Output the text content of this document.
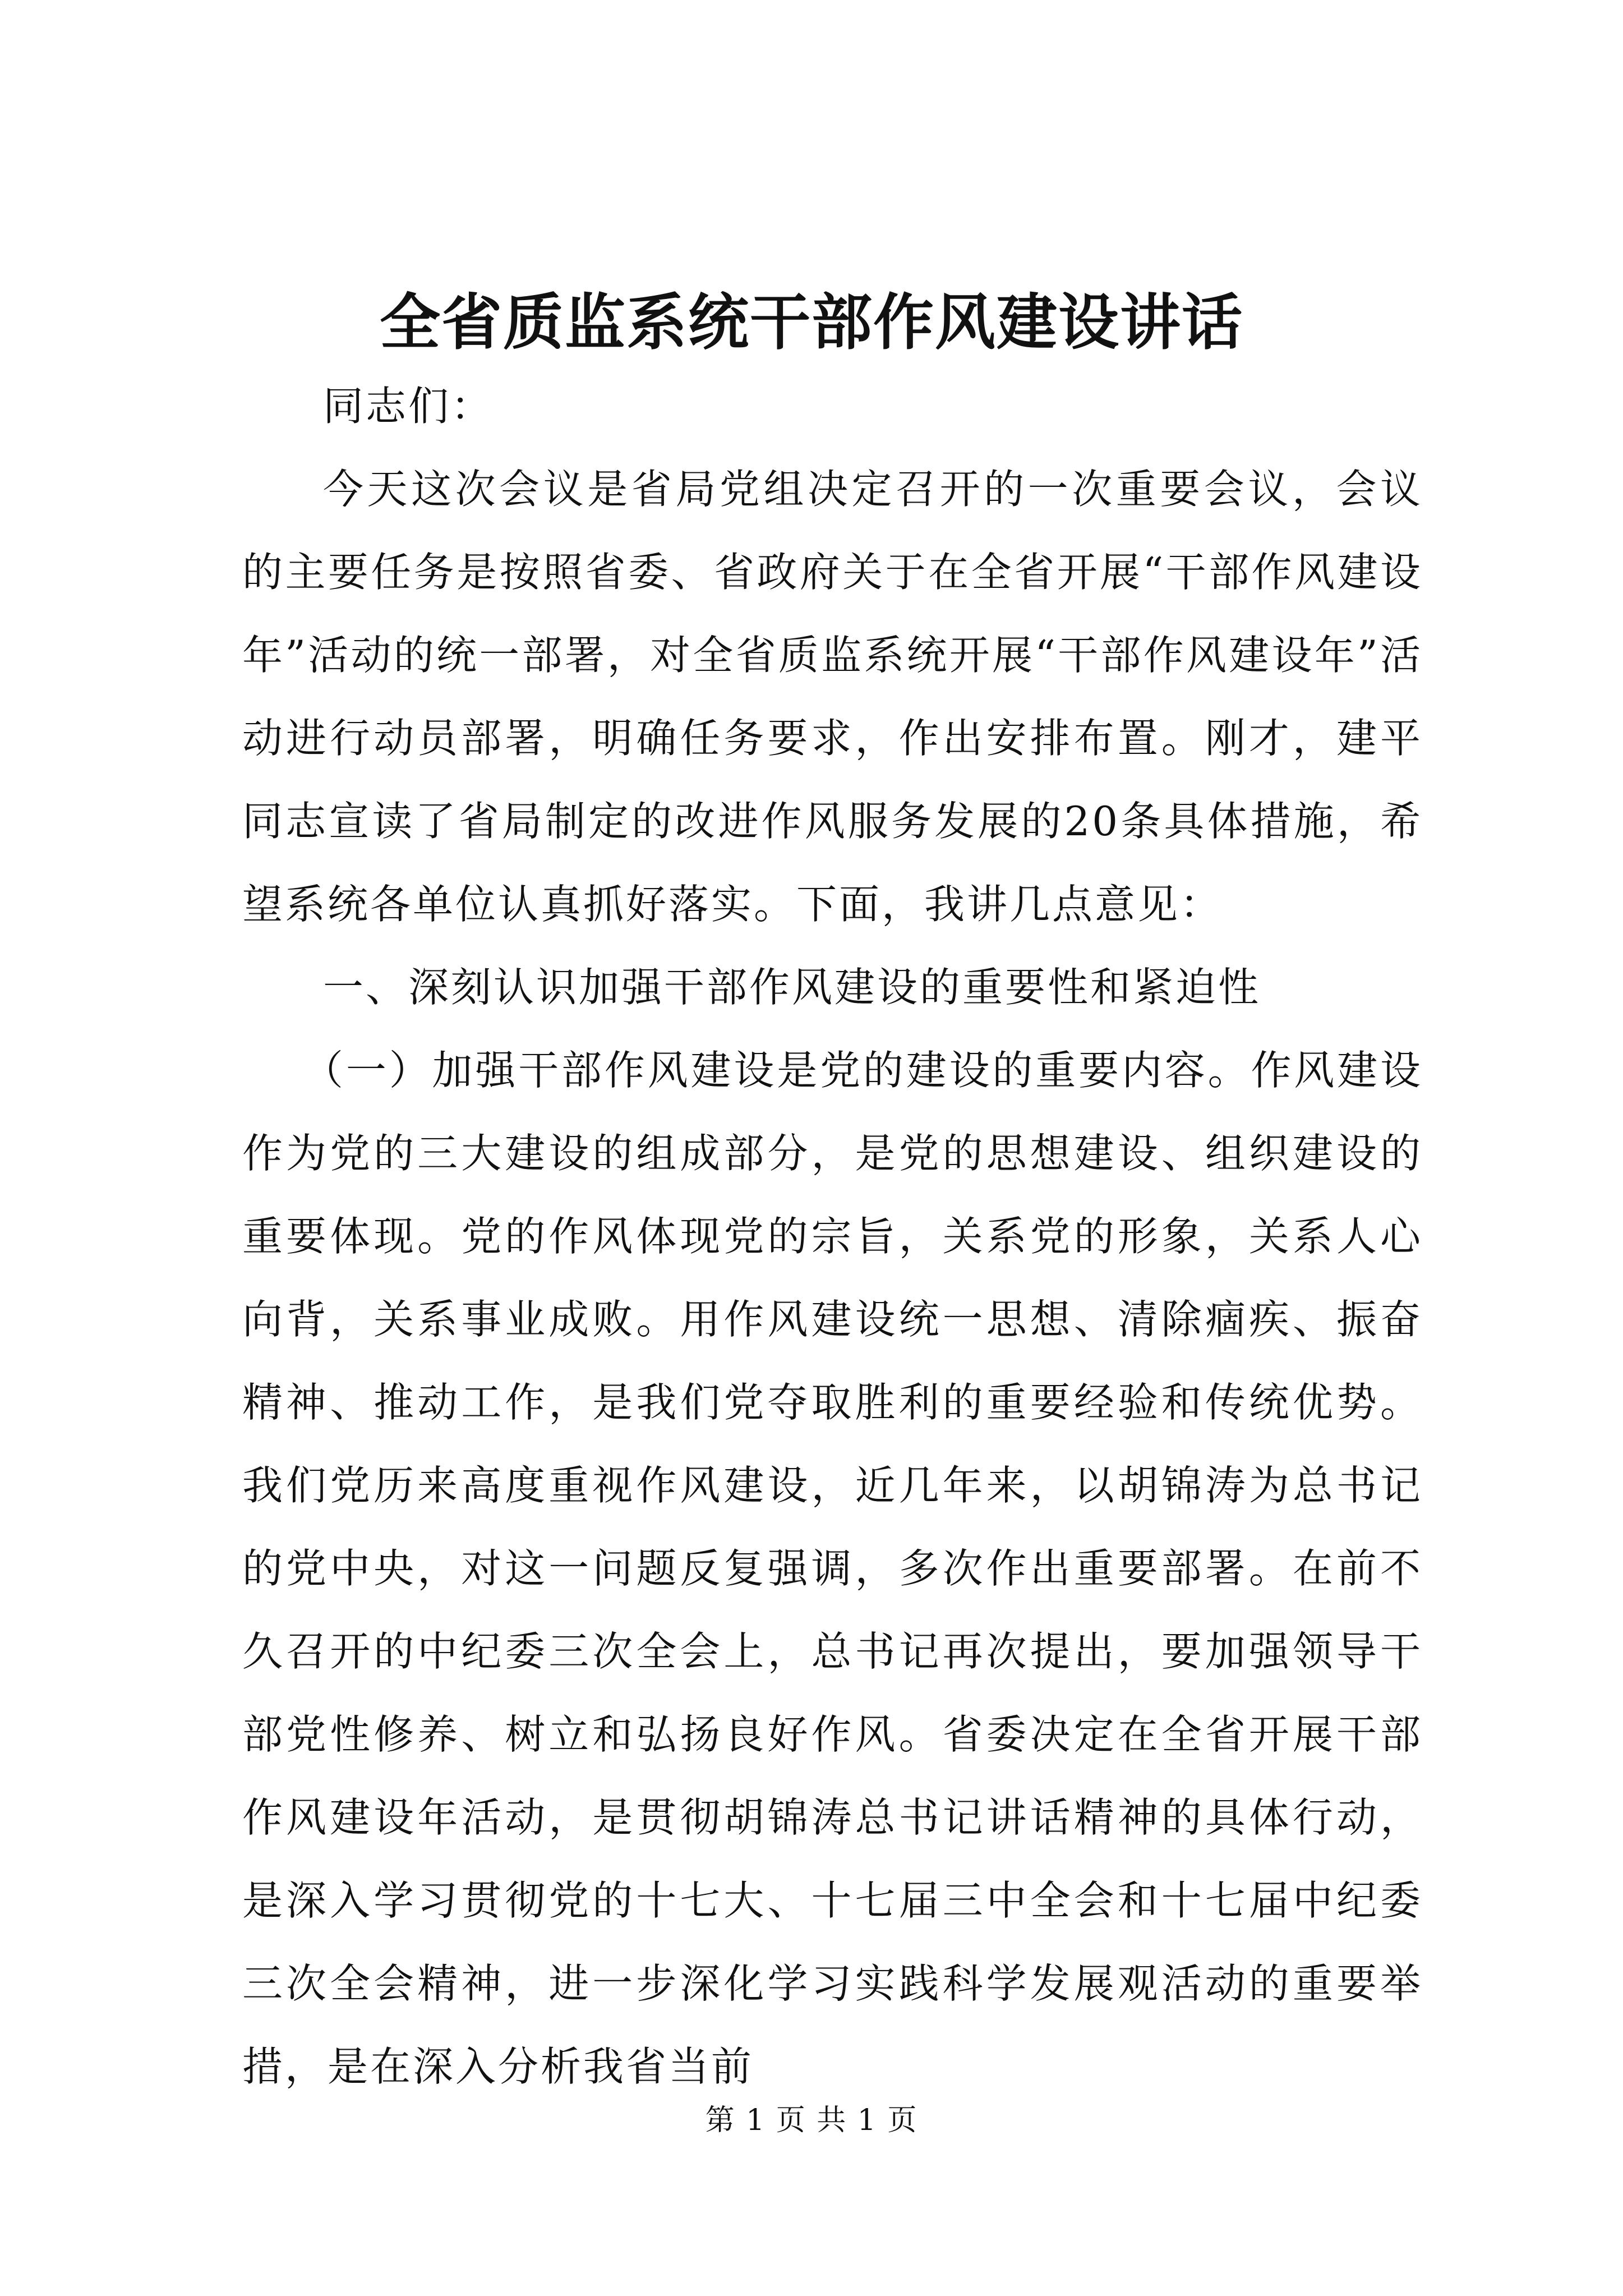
全省质监系统干部作风建设讲话

同志们：

今天这次会议是省局党组决定召开的一次重要会议，会议的主要任务是按照省委、省政府关于在全省开展“干部作风建设年”活动的统一部署，对全省质监系统开展“干部作风建设年”活动进行动员部署，明确任务要求，作出安排布置。刚才，建平同志宣读了省局制定的改进作风服务发展的20条具体措施，希望系统各单位认真抓好落实。下面，我讲几点意见：

一、深刻认识加强干部作风建设的重要性和紧迫性

（一）加强干部作风建设是党的建设的重要内容。作风建设作为党的三大建设的组成部分，是党的思想建设、组织建设的重要体现。党的作风体现党的宗旨，关系党的形象，关系人心向背，关系事业成败。用作风建设统一思想、清除痼疾、振奋精神、推动工作，是我们党夺取胜利的重要经验和传统优势。我们党历来高度重视作风建设，近几年来，以胡锦涛为总书记的党中央，对这一问题反复强调，多次作出重要部署。在前不久召开的中纪委三次全会上，总书记再次提出，要加强领导干部党性修养、树立和弘扬良好作风。省委决定在全省开展干部作风建设年活动，是贯彻胡锦涛总书记讲话精神的具体行动，是深入学习贯彻党的十七大、十七届三中全会和十七届中纪委三次全会精神，进一步深化学习实践科学发展观活动的重要举措，是在深入分析我省当前

第 1 页 共 1 页
